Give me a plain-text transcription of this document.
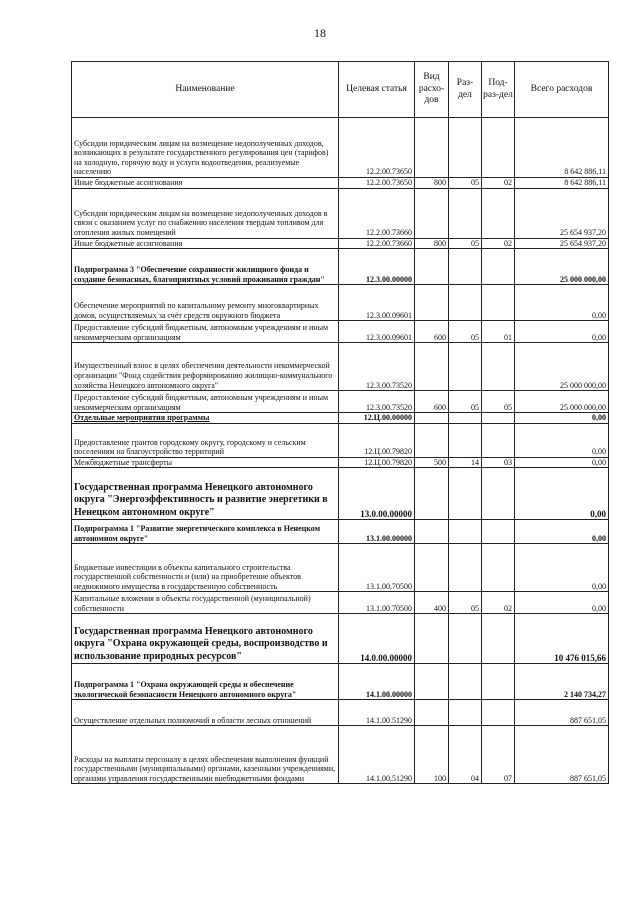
18
Наименование	Целевая статья	Вид расхо-дов	Раз-дел	Под-раз-дел	Всего расходов
Субсидии юридическим лицам на возмещение недополученных доходов, возникающих в результате государственного регулирования цен (тарифов) на холодную, горячую воду и услуги водоотведения, реализуемые населению	12.2.00.73650				8 642 886,11
Иные бюджетные ассигнования	12.2.00.73650	800	05	02	8 642 886,11
Субсидии юридическим лицам на возмещение недополученных доходов в связи с оказанием услуг по снабжению населения твердым топливом для отопления жилых помещений	12.2.00.73660				25 654 937,20
Иные бюджетные ассигнования	12.2.00.73660	800	05	02	25 654 937,20
Подпрограмма 3 "Обеспечение сохранности жилищного фонда и создание безопасных, благоприятных условий проживания граждан"	12.3.00.00000				25 000 000,00
Обеспечение мероприятий по капитальному ремонту многоквартирных домов, осуществляемых за счёт средств окружного бюджета	12.3.00.09601				0,00
Предоставление субсидий бюджетным, автономным учреждениям и иным некоммерческим организациям	12.3.00.09601	600	05	01	0,00
Имущественный взнос в целях обеспечения деятельности некоммерческой организации "Фонд содействия реформированию жилищно-коммунального хозяйства Ненецкого автономного округа"	12.3.00.73520				25 000 000,00
Предоставление субсидий бюджетным, автономным учреждениям и иным некоммерческим организациям	12.3.00.73520	600	05	05	25 000 000,00
Отдельные мероприятия программы	12.Ц.00.00000				0,00
Предоставление грантов городскому округу, городскому и сельским поселениям на благоустройство территорий	12.Ц.00.79820				0,00
Межбюджетные трансферты	12.Ц.00.79820	500	14	03	0,00
Государственная программа Ненецкого автономного округа "Энергоэффективность и развитие энергетики в Ненецком автономном округе"	13.0.00.00000				0,00
Подпрограмма 1 "Развитие энергетического комплекса в Ненецком автономном округе"	13.1.00.00000				0,00
Бюджетные инвестиции в объекты капитального строительства государственной собственности и (или) на приобретение объектов недвижимого имущества в государственную собственность	13.1.00.70500				0,00
Капитальные вложения в объекты государственной (муниципальной) собственности	13.1.00.70500	400	05	02	0,00
Государственная программа Ненецкого автономного округа "Охрана окружающей среды, воспроизводство и использование природных ресурсов"	14.0.00.00000				10 476 015,66
Подпрограмма 1 "Охрана окружающей среды и обеспечение экологической безопасности Ненецкого автономного округа"	14.1.00.00000				2 140 734,27
Осуществление отдельных полномочий в области лесных отношений	14.1.00.51290				887 651,05
Расходы на выплаты персоналу в целях обеспечения выполнения функций государственными (муниципальными) органами, казенными учреждениями, органами управления государственными внебюджетными фондами	14.1.00.51290	100	04	07	887 651,05
